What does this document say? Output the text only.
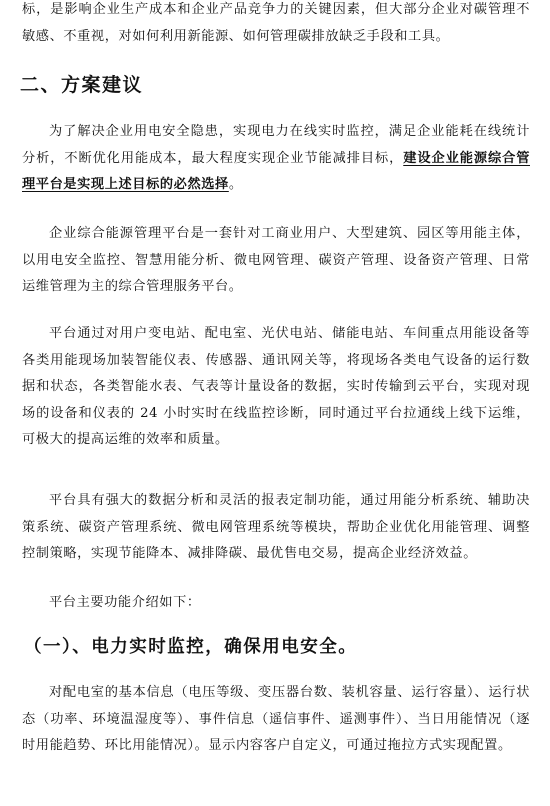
标，是影响企业生产成本和企业产品竞争力的关键因素，但大部分企业对碳管理不敏感、不重视，对如何利用新能源、如何管理碳排放缺乏手段和工具。

二、方案建议

为了解决企业用电安全隐患，实现电力在线实时监控，满足企业能耗在线统计分析，不断优化用能成本，最大程度实现企业节能减排目标，建设企业能源综合管理平台是实现上述目标的必然选择。

企业综合能源管理平台是一套针对工商业用户、大型建筑、园区等用能主体，以用电安全监控、智慧用能分析、微电网管理、碳资产管理、设备资产管理、日常运维管理为主的综合管理服务平台。

平台通过对用户变电站、配电室、光伏电站、储能电站、车间重点用能设备等各类用能现场加装智能仪表、传感器、通讯网关等，将现场各类电气设备的运行数据和状态，各类智能水表、气表等计量设备的数据，实时传输到云平台，实现对现场的设备和仪表的 24 小时实时在线监控诊断，同时通过平台拉通线上线下运维，可极大的提高运维的效率和质量。

平台具有强大的数据分析和灵活的报表定制功能，通过用能分析系统、辅助决策系统、碳资产管理系统、微电网管理系统等模块，帮助企业优化用能管理、调整控制策略，实现节能降本、减排降碳、最优售电交易，提高企业经济效益。

平台主要功能介绍如下：

（一）、电力实时监控，确保用电安全。

对配电室的基本信息（电压等级、变压器台数、装机容量、运行容量）、运行状态（功率、环境温湿度等）、事件信息（遥信事件、遥测事件）、当日用能情况（逐时用能趋势、环比用能情况）。显示内容客户自定义，可通过拖拉方式实现配置。
